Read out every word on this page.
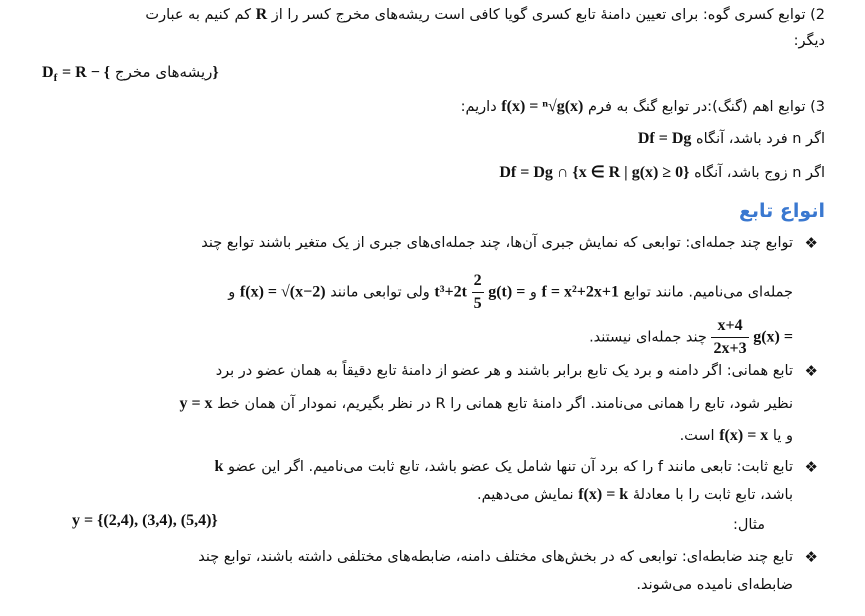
2) توابع کسری گوه: برای تعیین دامنهٔ تابع کسری گویا کافی است ریشه‌های مخرج کسر را از R کم کنیم به عبارت
دیگر:
$D_f = R$ − { ریشه‌های مخرج}
3) توابع اهم (گنگ):در توابع گنگ به فرم f(x) = ⁿ√g(x) داریم:
اگر n فرد باشد، آنگاه Df = Dg
اگر n زوج باشد، آنگاه Df = Dg ∩ {x ∈ R | g(x) ≥ 0}
انواع تابع
❖
توابع چند جمله‌ای: توابعی که نمایش جبری آن‌ها، چند جمله‌ای‌های جبری از یک متغیر باشند توابع چند
جمله‌ای می‌نامیم. مانند توابع f = x²+2x+1 و g(t) =
$\frac{2}{5}$
t³+2t ولی توابعی مانند f(x) = √(x−2) و
g(x) =
$\frac{x+4}{2x+3}$
چند جمله‌ای نیستند.
❖
تابع همانی: اگر دامنه و برد یک تابع برابر باشند و هر عضو از دامنهٔ تابع دقیقاً به همان عضو در برد
نظیر شود، تابع را همانی می‌نامند. اگر دامنهٔ تابع همانی را R در نظر بگیریم، نمودار آن همان خط y = x
و یا f(x) = x است.
❖
تابع ثابت: تابعی مانند f را که برد آن تنها شامل یک عضو باشد، تابع ثابت می‌نامیم. اگر این عضو k
باشد، تابع ثابت را با معادلهٔ f(x) = k نمایش می‌دهیم.
مثال:
y = {(2,4), (3,4), (5,4)}
❖
تابع چند ضابطه‌ای: توابعی که در بخش‌های مختلف دامنه، ضابطه‌های مختلفی داشته باشند، توابع چند
ضابطه‌ای نامیده می‌شوند.
